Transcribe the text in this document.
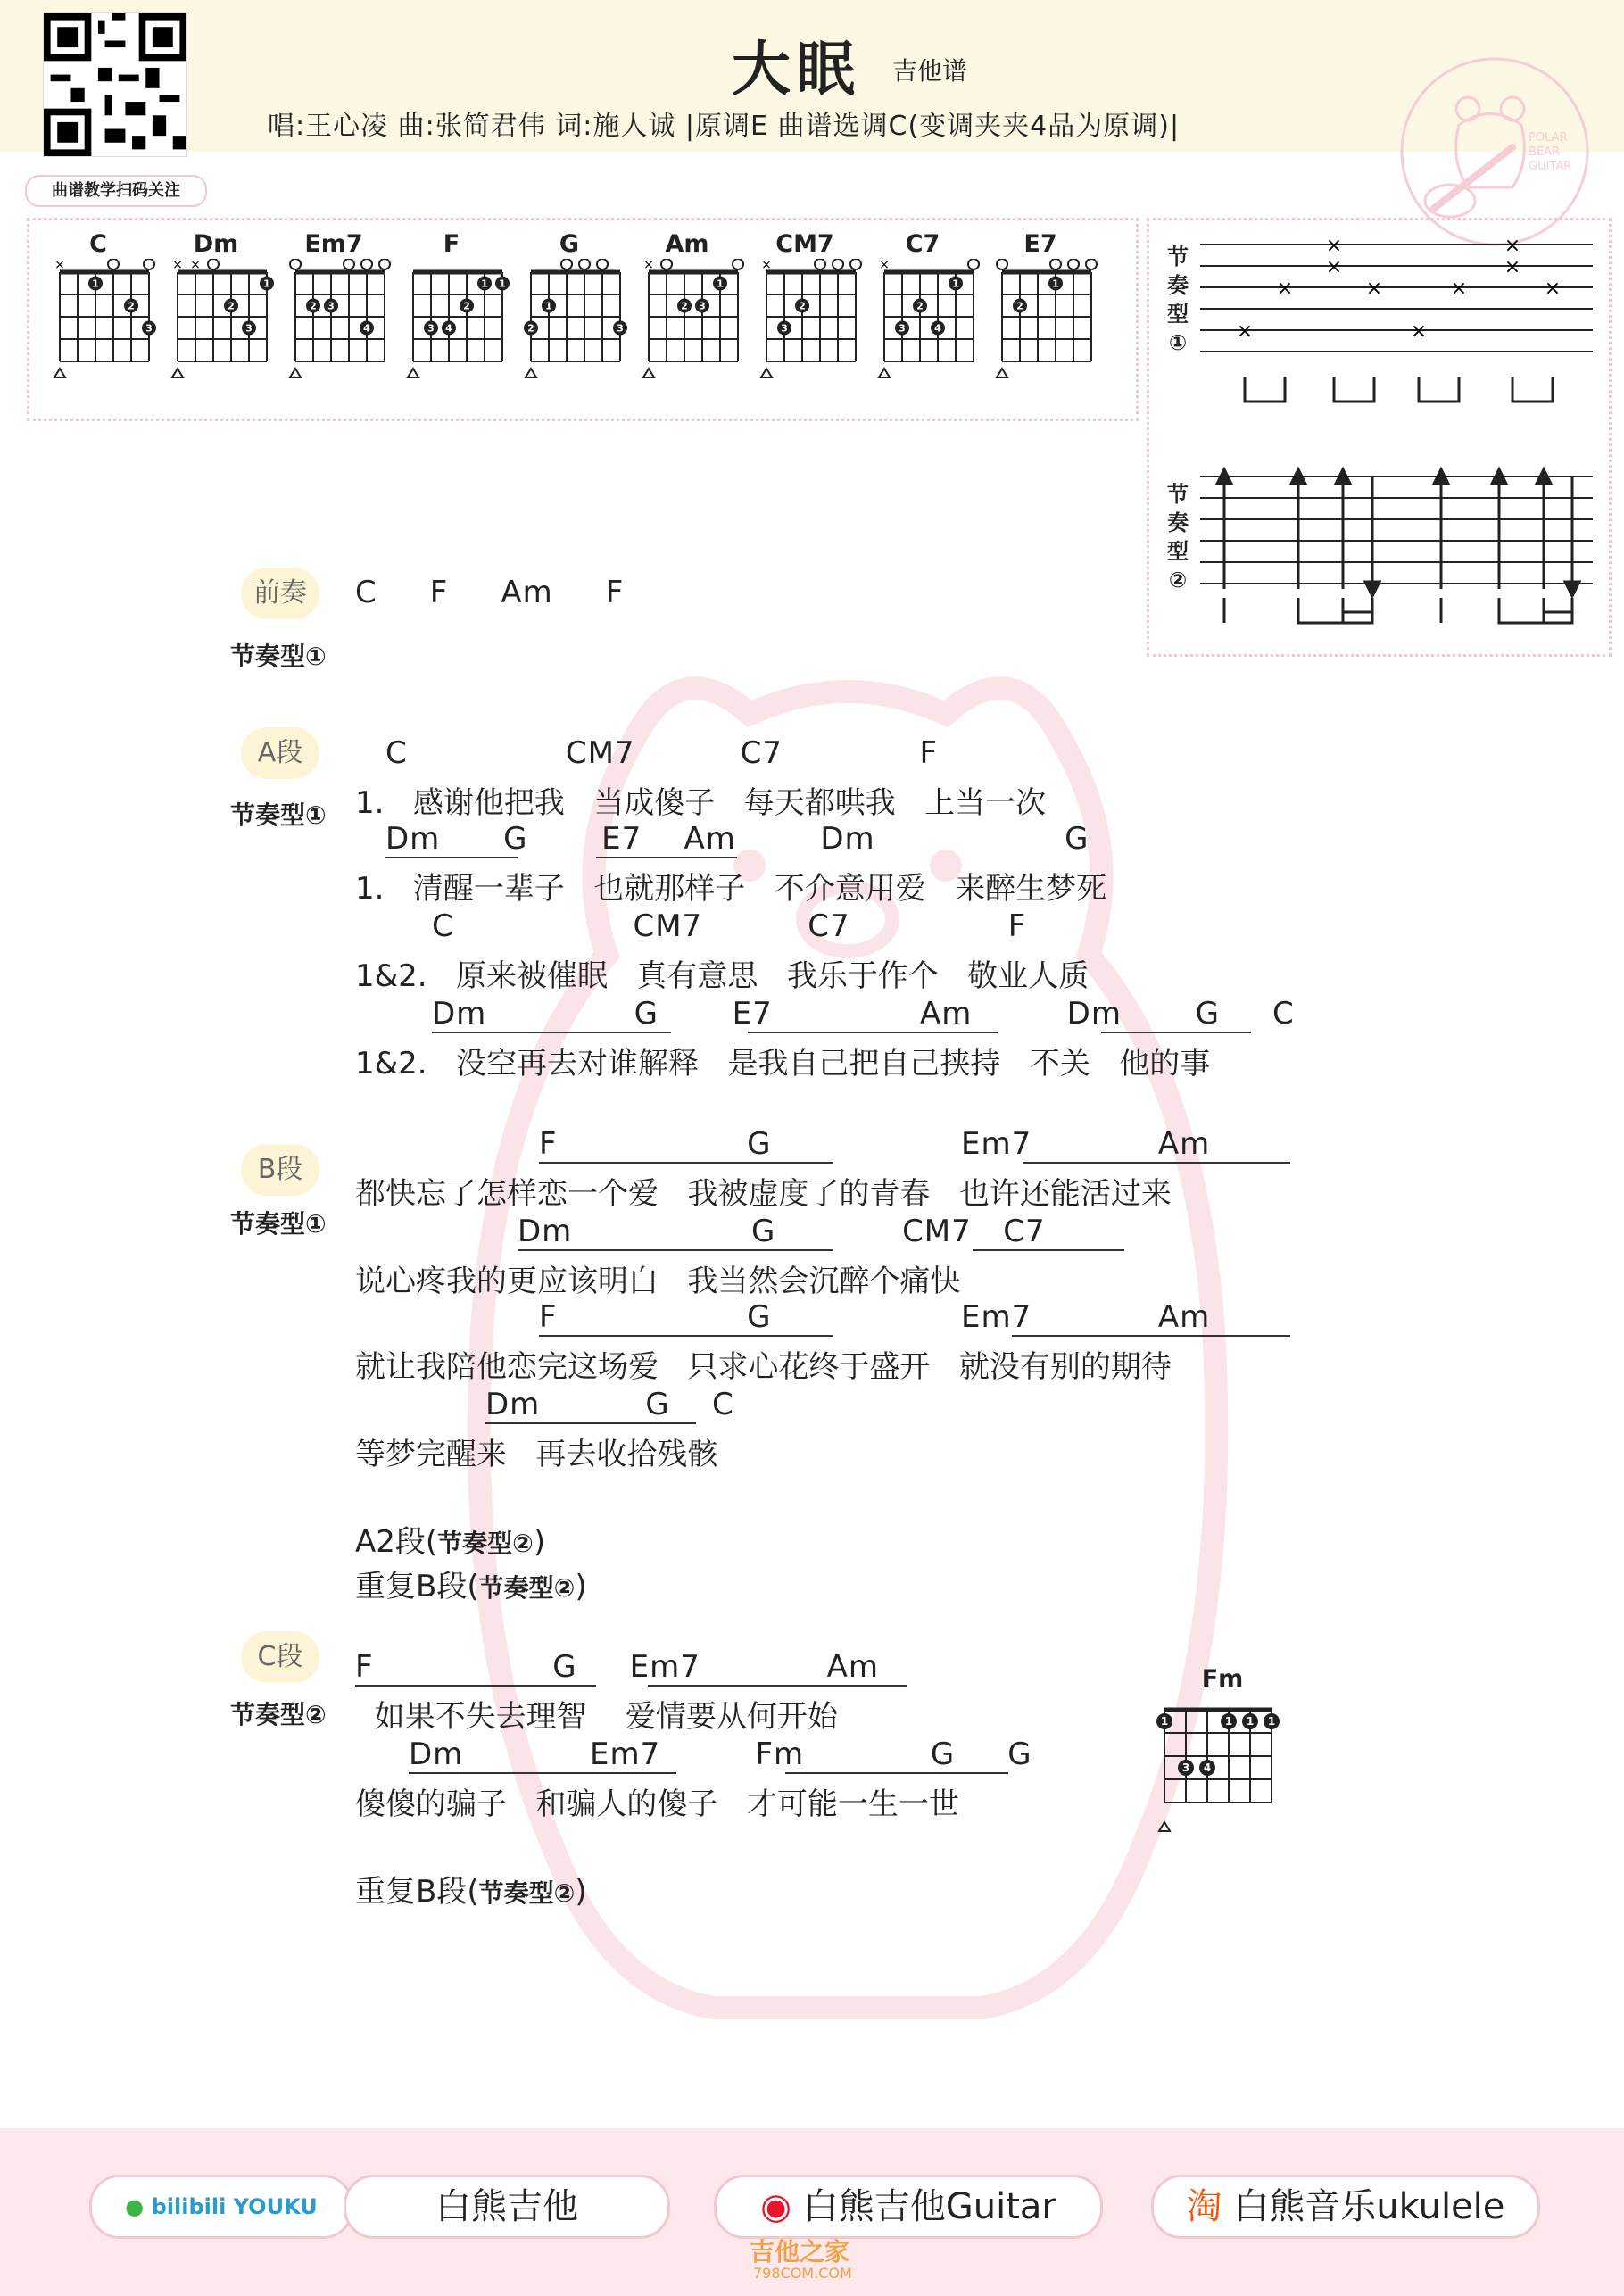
曲谱教学扫码关注
大眠 吉他谱
唱:王心凌 曲:张简君伟 词:施人诚 |原调E 曲谱选调C(变调夹夹4品为原调)|	POLAR
BEAR
GUITAR
C
×
1
2
3
Dm
× ×
1
2
3
Em7
2 3
4
F
2
3 4
1 1
G
1
2	3
Am
×
1
2 3
CM7
×
2
3
C7
×
1
2
3	4
E7
1
2
节
奏
型
①	×
×
×
×
×
×
×
×
×
×
节
奏
型
②
前奏
节奏型①
C     F     Am     F
A段
节奏型①
C               CM7          C7             F
1.   感谢他把我   当成傻子   每天都哄我   上当一次
Dm      G       E7    Am        Dm                  G
1.   清醒一辈子   也就那样子   不介意用爱   来醉生梦死
C                 CM7          C7               F
1&2.   原来被催眠   真有意思   我乐于作个   敬业人质
Dm              G       E7              Am         Dm       G     C
1&2.   没空再去对谁解释   是我自己把自己挟持   不关   他的事
B段
节奏型①
F                  G                  Em7            Am
都快忘了怎样恋一个爱   我被虚度了的青春   也许还能活过来
Dm                 G            CM7   C7
说心疼我的更应该明白   我当然会沉醉个痛快
F                  G                  Em7            Am
就让我陪他恋完这场爱   只求心花终于盛开   就没有别的期待
Dm          G    C
等梦完醒来   再去收拾残骸
A2段(节奏型②)
重复B段(节奏型②)
C段
节奏型②
F                 G     Em7            Am
如果不失去理智    爱情要从何开始
Dm            Em7         Fm            G     G
傻傻的骗子   和骗人的傻子   才可能一生一世
重复B段(节奏型②)
Fm
1	1 1 1
3 4
● bilibili YOUKU	白熊吉他	◉ 白熊吉他Guitar	淘 白熊音乐ukulele
吉他之家
798COM.COM
